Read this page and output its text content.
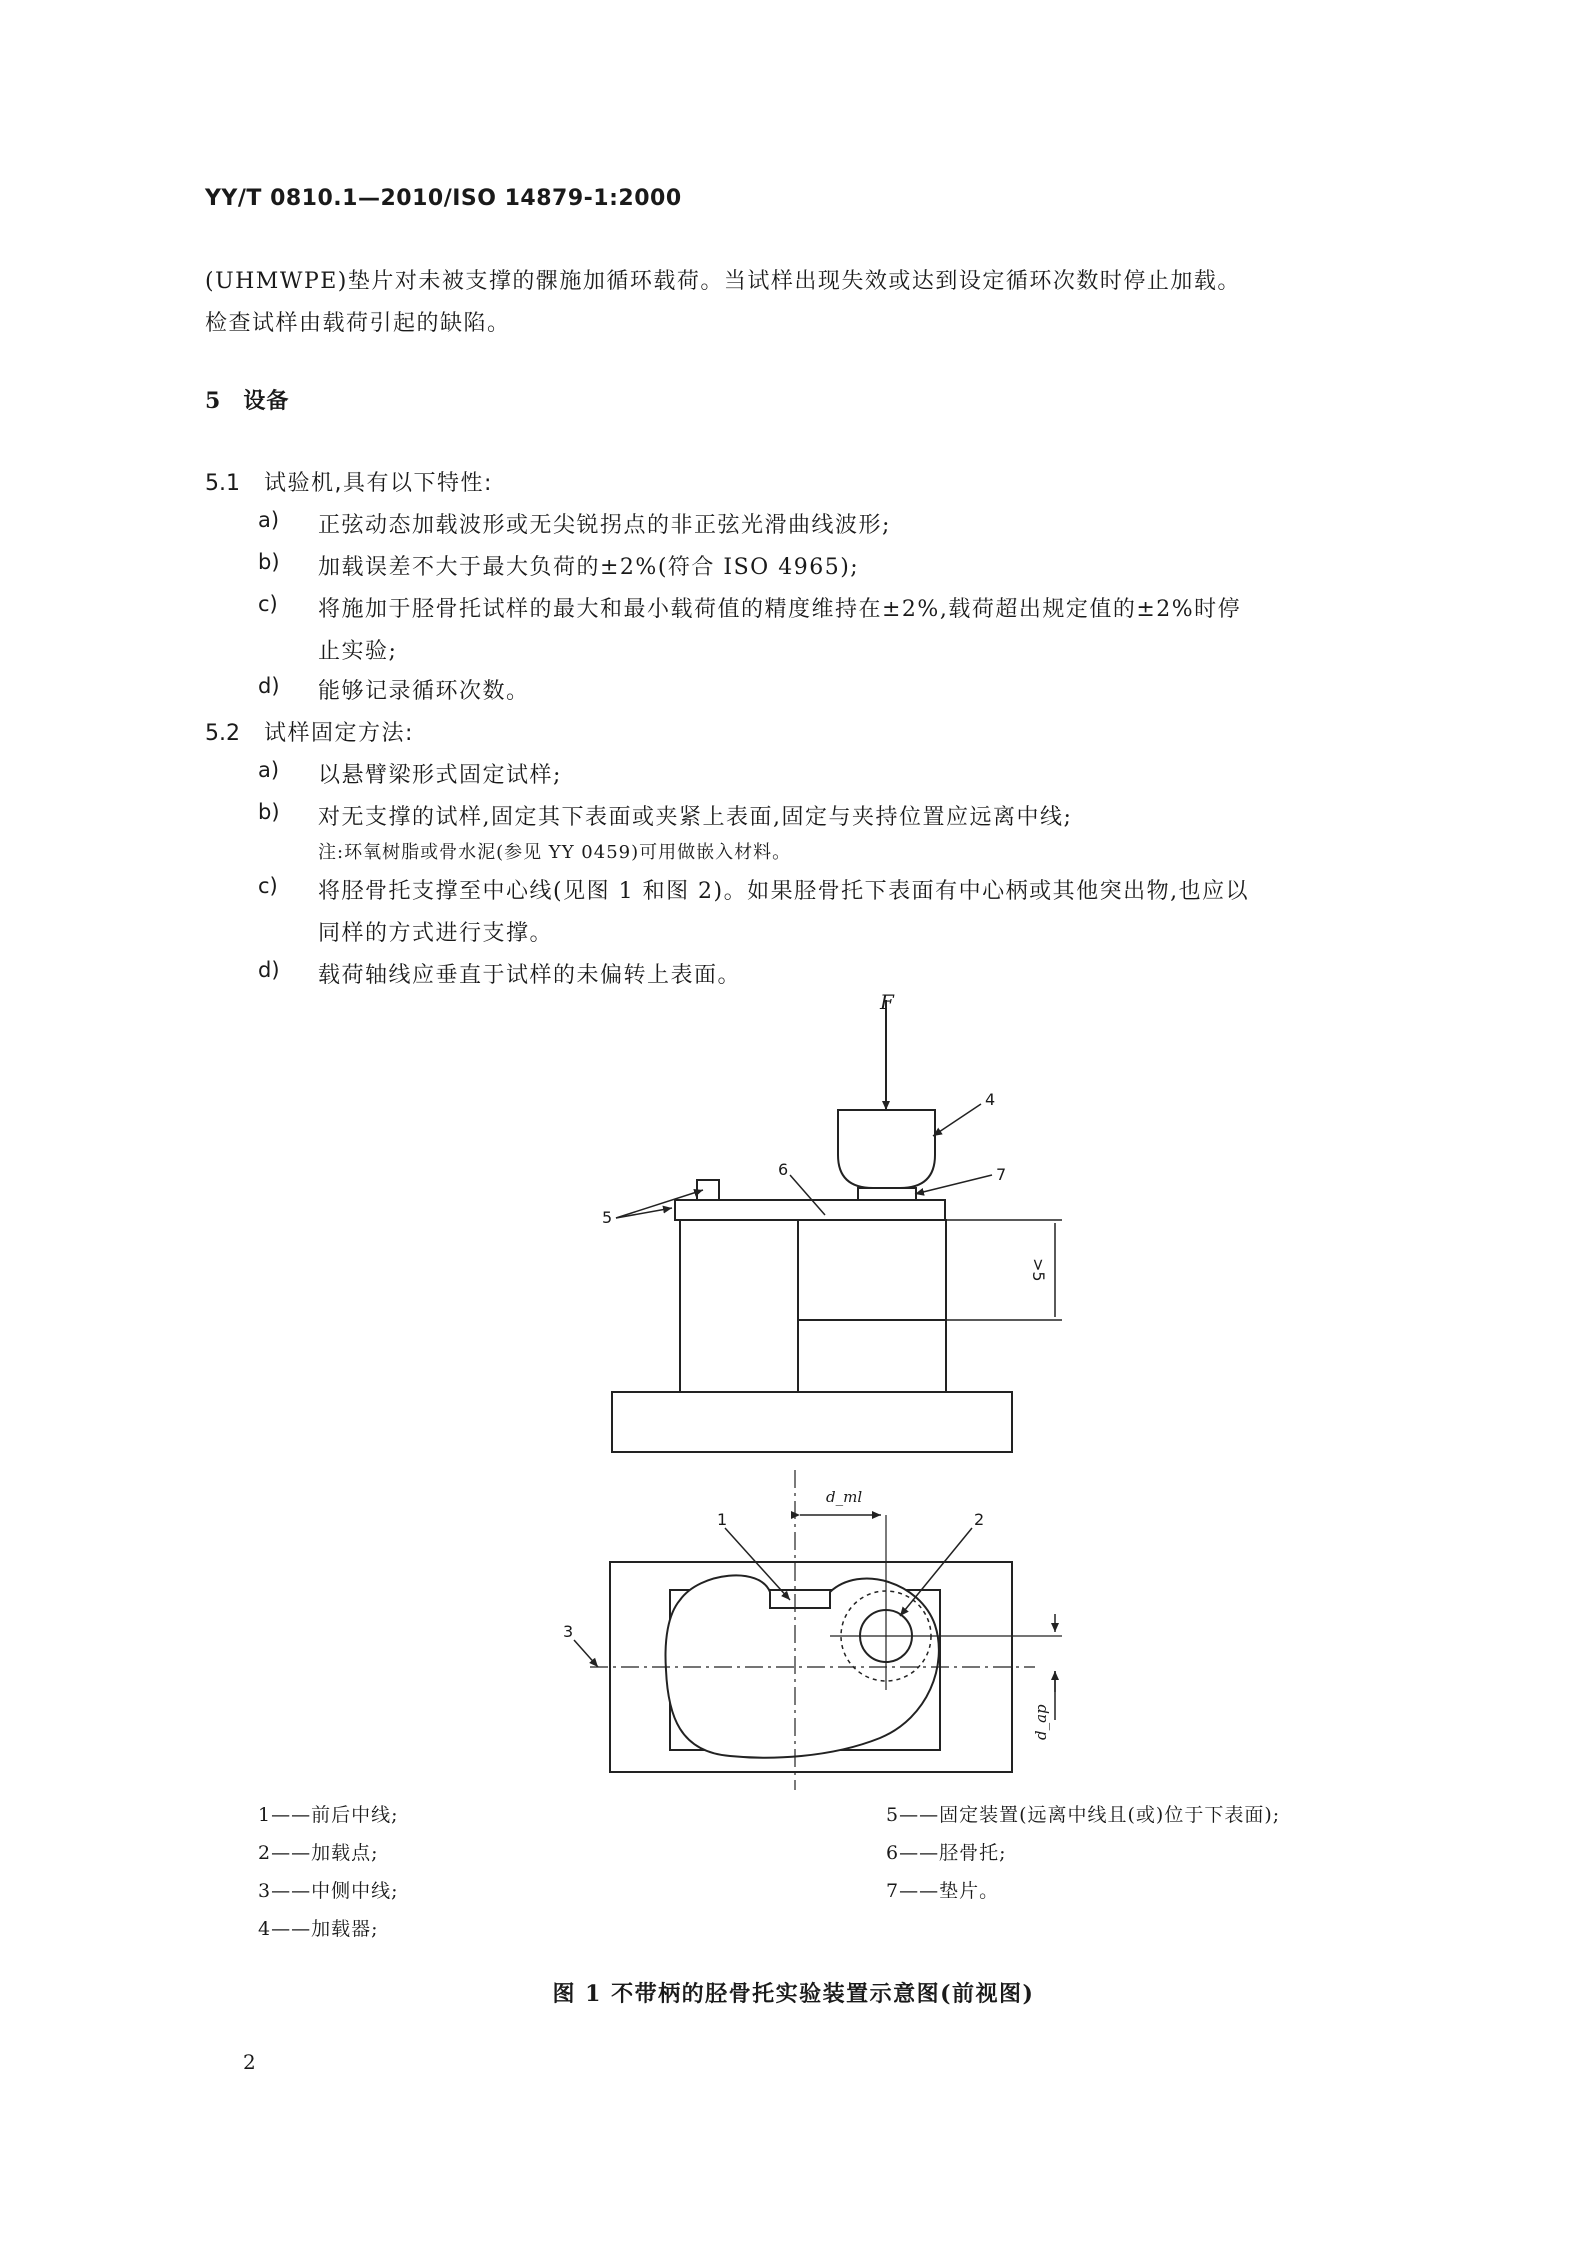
YY/T 0810.1—2010/ISO 14879-1:2000
(UHMWPE)垫片对未被支撑的髁施加循环载荷。当试样出现失效或达到设定循环次数时停止加载。
检查试样由载荷引起的缺陷。
5 设备
5.1 试验机,具有以下特性:
a) 正弦动态加载波形或无尖锐拐点的非正弦光滑曲线波形;
b) 加载误差不大于最大负荷的±2%(符合 ISO 4965);
c) 将施加于胫骨托试样的最大和最小载荷值的精度维持在±2%,载荷超出规定值的±2%时停
止实验;
d) 能够记录循环次数。
5.2 试样固定方法:
a) 以悬臂梁形式固定试样;
b) 对无支撑的试样,固定其下表面或夹紧上表面,固定与夹持位置应远离中线;
注:环氧树脂或骨水泥(参见 YY 0459)可用做嵌入材料。
c) 将胫骨托支撑至中心线(见图 1 和图 2)。如果胫骨托下表面有中心柄或其他突出物,也应以
同样的方式进行支撑。
d) 载荷轴线应垂直于试样的未偏转上表面。
F
4
6	7
5
>5
1	2
3
d_ml
d_ap
1——前后中线;
2——加载点;
3——中侧中线;
4——加载器;
5——固定装置(远离中线且(或)位于下表面);
6——胫骨托;
7——垫片。
图 1 不带柄的胫骨托实验装置示意图(前视图)
2
